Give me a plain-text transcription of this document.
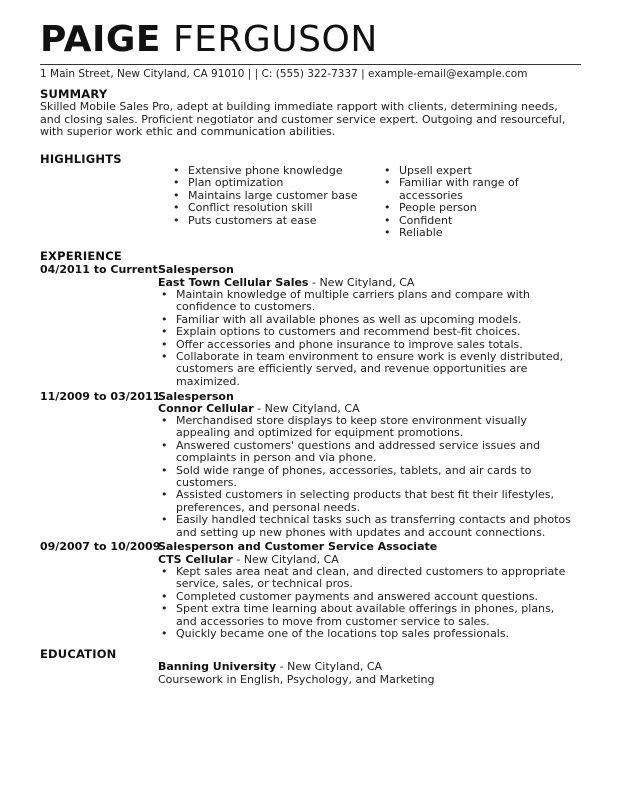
PAIGE FERGUSON
1 Main Street, New Cityland, CA 91010 | | C: (555) 322-7337 | example-email@example.com
SUMMARY
Skilled Mobile Sales Pro, adept at building immediate rapport with clients, determining needs, and closing sales. Proficient negotiator and customer service expert. Outgoing and resourceful, with superior work ethic and communication abilities.
HIGHLIGHTS
• Extensive phone knowledge
• Plan optimization
• Maintains large customer base
• Conflict resolution skill
• Puts customers at ease
• Upsell expert
• Familiar with range of accessories
• People person
• Confident
• Reliable
EXPERIENCE
04/2011 to Current Salesperson
East Town Cellular Sales - New Cityland, CA
• Maintain knowledge of multiple carriers plans and compare with confidence to customers.
• Familiar with all available phones as well as upcoming models.
• Explain options to customers and recommend best-fit choices.
• Offer accessories and phone insurance to improve sales totals.
• Collaborate in team environment to ensure work is evenly distributed, customers are efficiently served, and revenue opportunities are maximized.
11/2009 to 03/2011
Salesperson
Connor Cellular - New Cityland, CA
• Merchandised store displays to keep store environment visually appealing and optimized for equipment promotions.
• Answered customers' questions and addressed service issues and complaints in person and via phone.
• Sold wide range of phones, accessories, tablets, and air cards to customers.
• Assisted customers in selecting products that best fit their lifestyles, preferences, and personal needs.
• Easily handled technical tasks such as transferring contacts and photos and setting up new phones with updates and account connections.
09/2007 to 10/2009
Salesperson and Customer Service Associate
CTS Cellular - New Cityland, CA
• Kept sales area neat and clean, and directed customers to appropriate service, sales, or technical pros.
• Completed customer payments and answered account questions.
• Spent extra time learning about available offerings in phones, plans, and accessories to move from customer service to sales.
• Quickly became one of the locations top sales professionals.
EDUCATION
Banning University - New Cityland, CA
Coursework in English, Psychology, and Marketing
